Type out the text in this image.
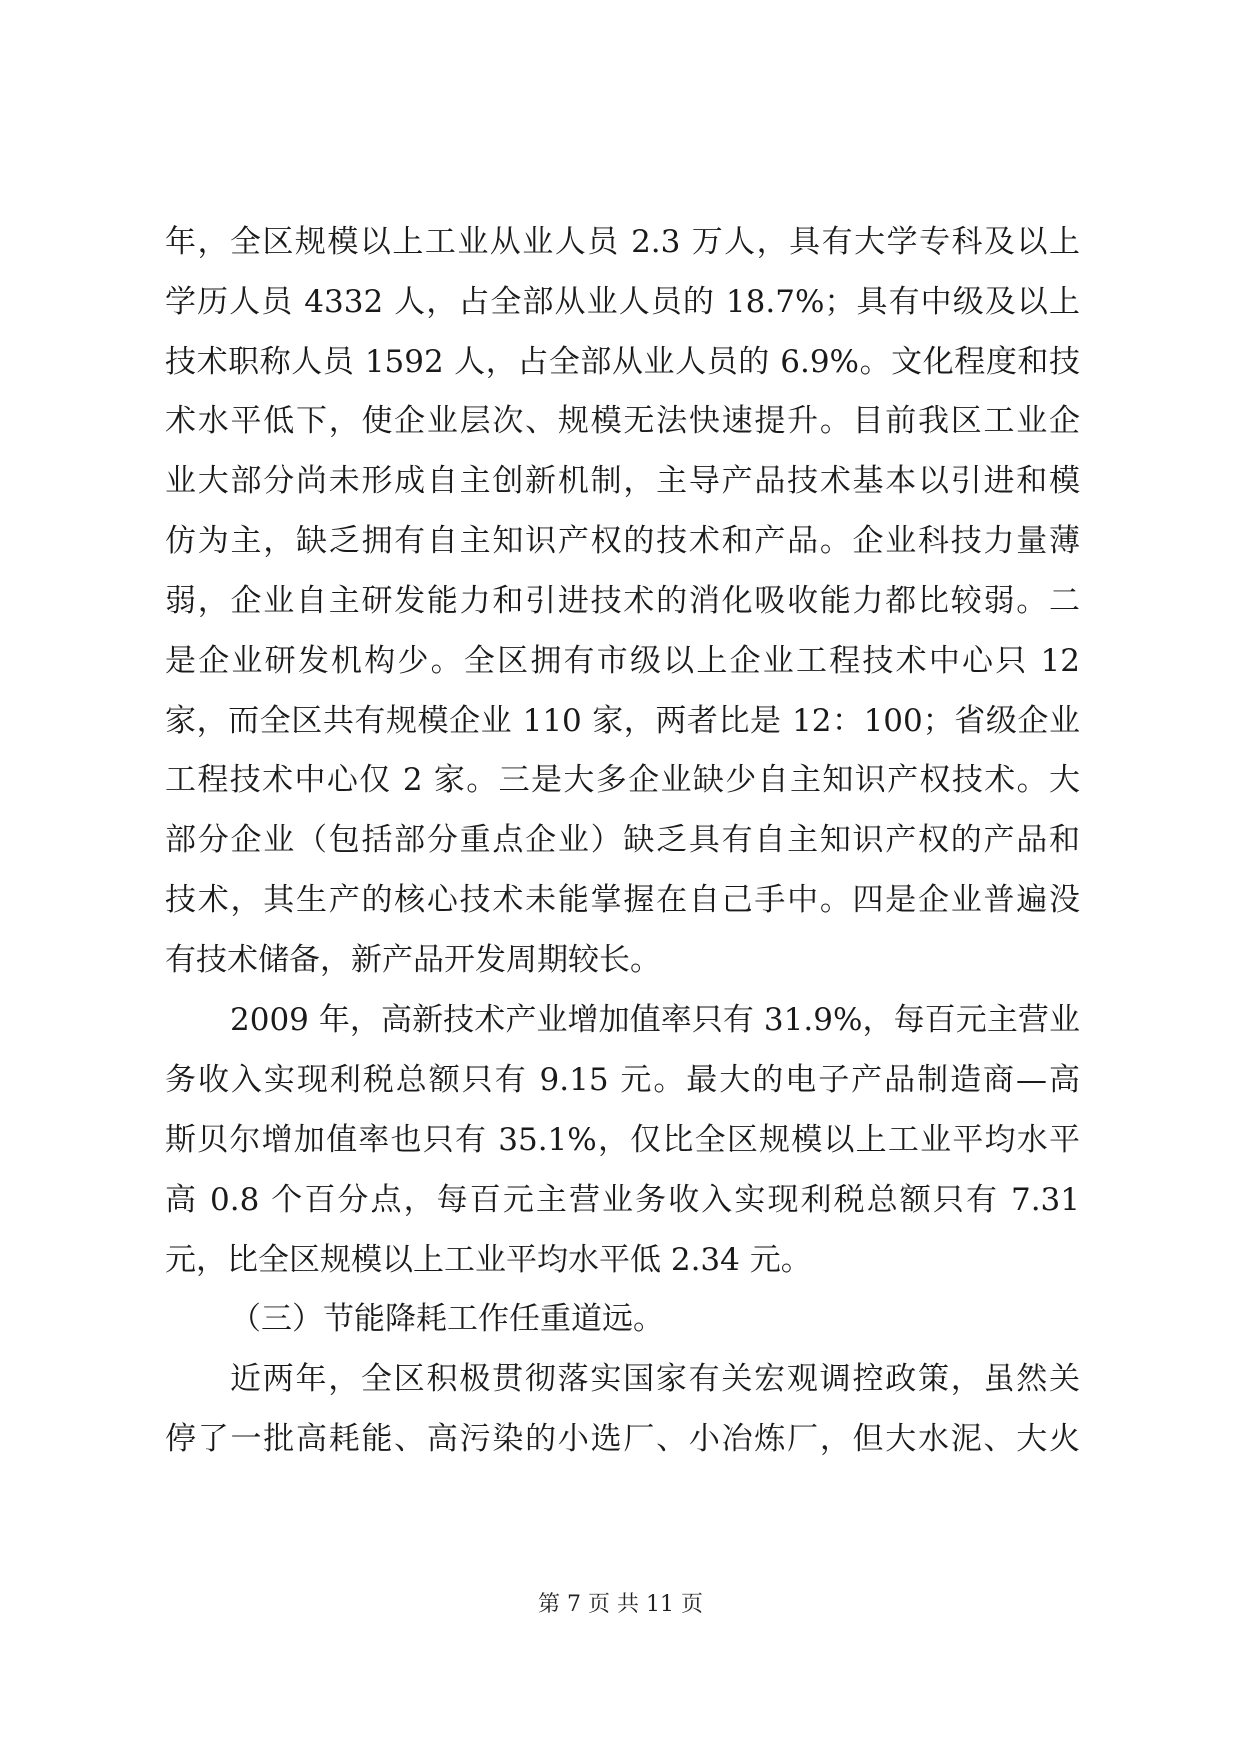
年，全区规模以上工业从业人员 2.3 万人，具有大学专科及以上
学历人员 4332 人，占全部从业人员的 18.7%；具有中级及以上
技术职称人员 1592 人，占全部从业人员的 6.9%。文化程度和技
术水平低下，使企业层次、规模无法快速提升。目前我区工业企
业大部分尚未形成自主创新机制，主导产品技术基本以引进和模
仿为主，缺乏拥有自主知识产权的技术和产品。企业科技力量薄
弱，企业自主研发能力和引进技术的消化吸收能力都比较弱。二
是企业研发机构少。全区拥有市级以上企业工程技术中心只 12
家，而全区共有规模企业 110 家，两者比是 12：100；省级企业
工程技术中心仅 2 家。三是大多企业缺少自主知识产权技术。大
部分企业（包括部分重点企业）缺乏具有自主知识产权的产品和
技术，其生产的核心技术未能掌握在自己手中。四是企业普遍没
有技术储备，新产品开发周期较长。
2009 年，高新技术产业增加值率只有 31.9%，每百元主营业
务收入实现利税总额只有 9.15 元。最大的电子产品制造商—高
斯贝尔增加值率也只有 35.1%，仅比全区规模以上工业平均水平
高 0.8 个百分点，每百元主营业务收入实现利税总额只有 7.31
元，比全区规模以上工业平均水平低 2.34 元。
（三）节能降耗工作任重道远。
近两年，全区积极贯彻落实国家有关宏观调控政策，虽然关
停了一批高耗能、高污染的小选厂、小冶炼厂，但大水泥、大火
第 7 页 共 11 页
